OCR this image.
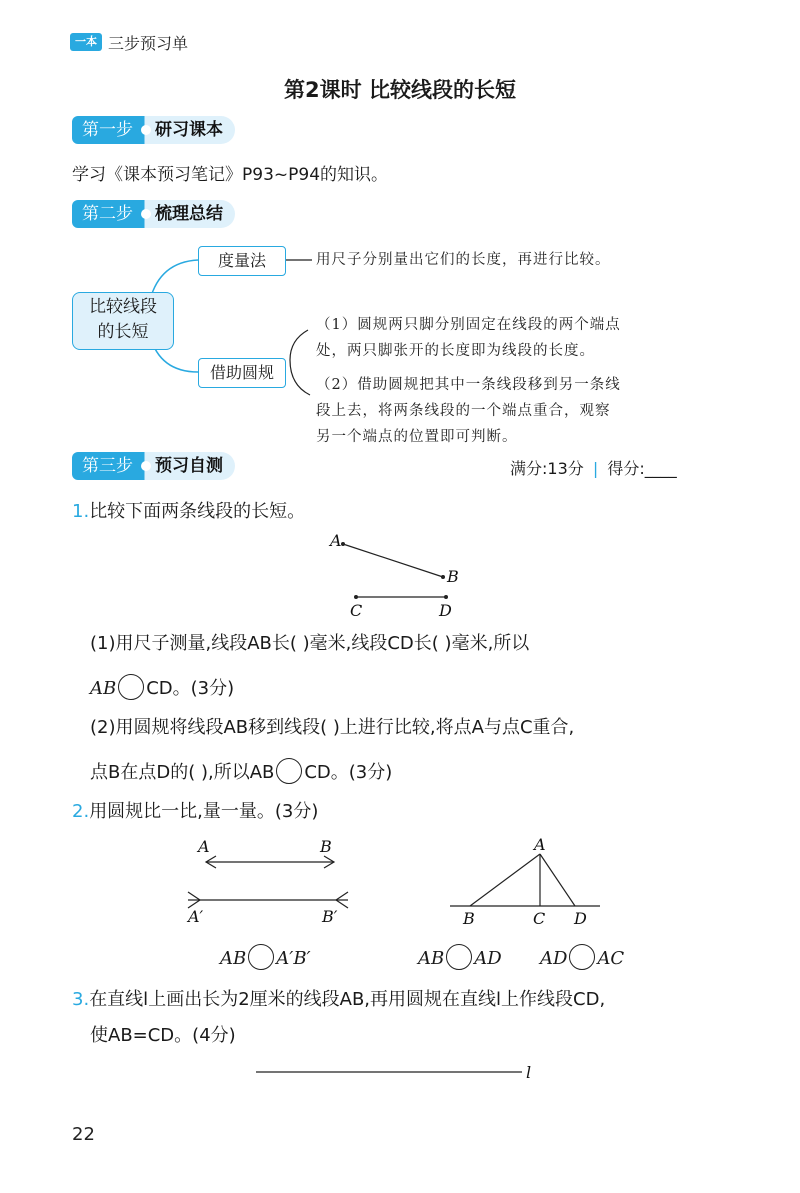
一本 三步预习单
第2课时 比较线段的长短
第一步	研习课本
学习《课本预习笔记》P93~P94的知识。
第二步	梳理总结
比较线段
的长短
度量法	用尺子分别量出它们的长度，再进行比较。
借助圆规
（1）圆规两只脚分别固定在线段的两个端点
处，两只脚张开的长度即为线段的长度。
（2）借助圆规把其中一条线段移到另一条线
段上去，将两条线段的一个端点重合，观察
另一个端点的位置即可判断。
第三步	预习自测	满分:13分 | 得分:____
1.比较下面两条线段的长短。
A
B
C	D
(1)用尺子测量,线段AB长( )毫米,线段CD长( )毫米,所以
AB CD。(3分)
(2)用圆规将线段AB移到线段( )上进行比较,将点A与点C重合,
点B在点D的( ),所以AB CD。(3分)
2.用圆规比一比,量一量。(3分)
A	B
A′	B′
A
B	C D
AB A′B′	AB AD AD AC
3.在直线l上画出长为2厘米的线段AB,再用圆规在直线l上作线段CD,
使AB=CD。(4分)
l
22
